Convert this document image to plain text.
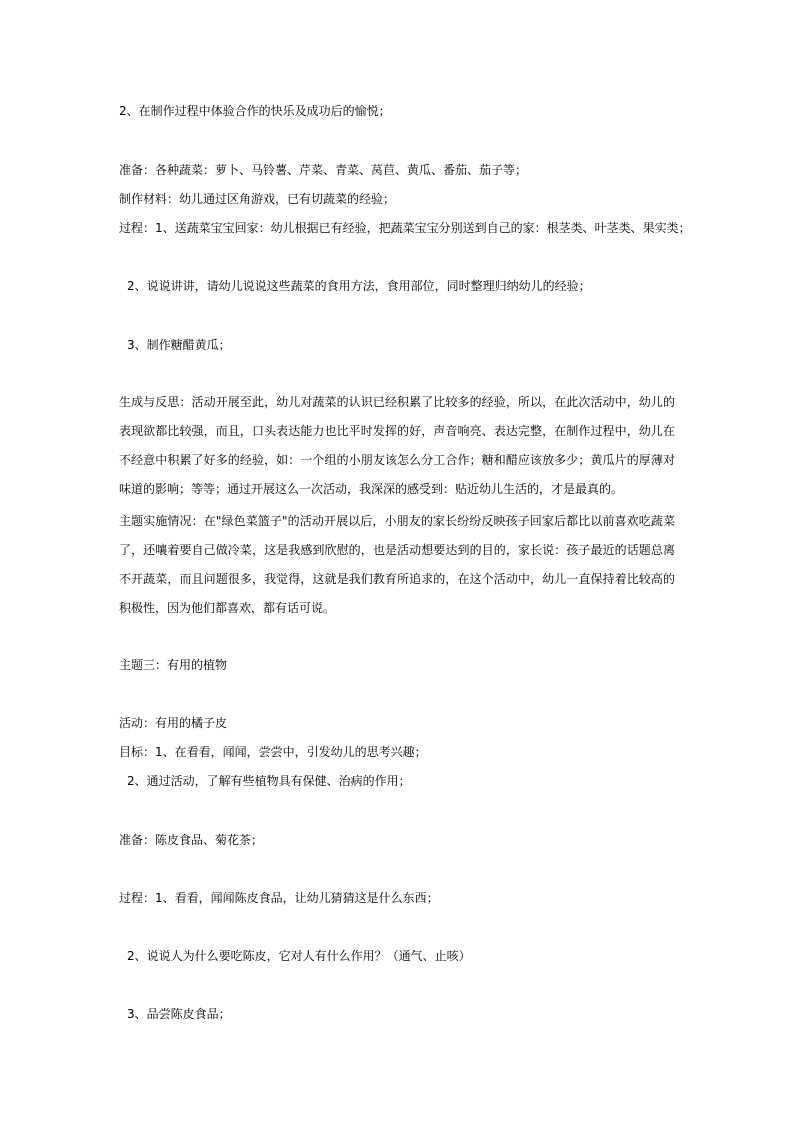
2、在制作过程中体验合作的快乐及成功后的愉悦；
准备：各种蔬菜：萝卜、马铃薯、芹菜、青菜、莴苣、黄瓜、番茄、茄子等；
制作材料：幼儿通过区角游戏，已有切蔬菜的经验；
过程：1、送蔬菜宝宝回家：幼儿根据已有经验，把蔬菜宝宝分别送到自己的家：根茎类、叶茎类、果实类；
2、说说讲讲，请幼儿说说这些蔬菜的食用方法，食用部位，同时整理归纳幼儿的经验；
3、制作糖醋黄瓜；
生成与反思：活动开展至此，幼儿对蔬菜的认识已经积累了比较多的经验，所以，在此次活动中，幼儿的表现欲都比较强，而且，口头表达能力也比平时发挥的好，声音响亮、表达完整，在制作过程中，幼儿在不经意中积累了好多的经验，如：一个组的小朋友该怎么分工合作；糖和醋应该放多少；黄瓜片的厚薄对味道的影响；等等；通过开展这么一次活动，我深深的感受到：贴近幼儿生活的，才是最真的。
主题实施情况：在"绿色菜篮子"的活动开展以后，小朋友的家长纷纷反映孩子回家后都比以前喜欢吃蔬菜了，还嚷着要自己做冷菜，这是我感到欣慰的，也是活动想要达到的目的，家长说：孩子最近的话题总离不开蔬菜，而且问题很多，我觉得，这就是我们教育所追求的，在这个活动中，幼儿一直保持着比较高的积极性，因为他们都喜欢，都有话可说。
主题三：有用的植物
活动：有用的橘子皮
目标：1、在看看，闻闻，尝尝中，引发幼儿的思考兴趣；
2、通过活动，了解有些植物具有保健、治病的作用；
准备：陈皮食品、菊花茶；
过程：1、看看，闻闻陈皮食品，让幼儿猜猜这是什么东西；
2、说说人为什么要吃陈皮，它对人有什么作用？（通气、止咳）
3、品尝陈皮食品；
